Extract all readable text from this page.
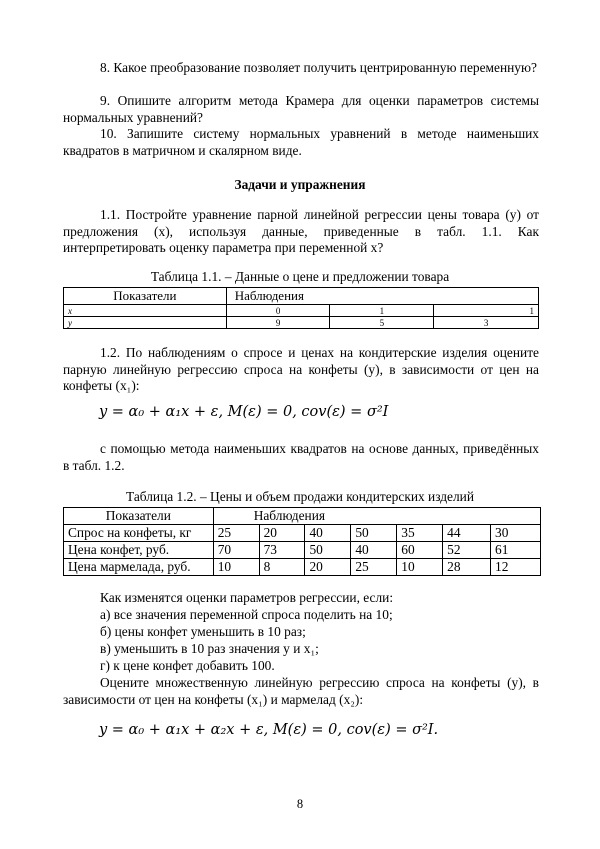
8. Какое преобразование позволяет получить центрированную переменную?

9. Опишите алгоритм метода Крамера для оценки параметров системы нормальных уравнений?

10. Запишите систему нормальных уравнений в методе наименьших квадратов в матричном и скалярном виде.

Задачи и упражнения

1.1. Постройте уравнение парной линейной регрессии цены товара (y) от предложения (x), используя данные, приведенные в табл. 1.1. Как интерпретировать оценку параметра при переменной x?

Таблица 1.1. – Данные о цене и предложении товара

Показатели	Наблюдения		
x	0	1	1
y	9	5	3

1.2. По наблюдениям о спросе и ценах на кондитерские изделия оцените парную линейную регрессию спроса на конфеты (y), в зависимости от цен на конфеты (x₁):

y = α₀ + α₁x + ε, M(ε) = 0, cov(ε) = σ²I

с помощью метода наименьших квадратов на основе данных, приведённых в табл. 1.2.

Таблица 1.2. – Цены и объем продажи кондитерских изделий

Показатели	Наблюдения						
Спрос на конфеты, кг	25	20	40	50	35	44	30
Цена конфет, руб.	70	73	50	40	60	52	61
Цена мармелада, руб.	10	8	20	25	10	28	12

Как изменятся оценки параметров регрессии, если:

а) все значения переменной спроса поделить на 10;

б) цены конфет уменьшить в 10 раз;

в) уменьшить в 10 раз значения y и x₁;

г) к цене конфет добавить 100.

Оцените множественную линейную регрессию спроса на конфеты (y), в зависимости от цен на конфеты (x₁) и мармелад (x₂):

y = α₀ + α₁x + α₂x + ε, M(ε) = 0, cov(ε) = σ²I.

8
